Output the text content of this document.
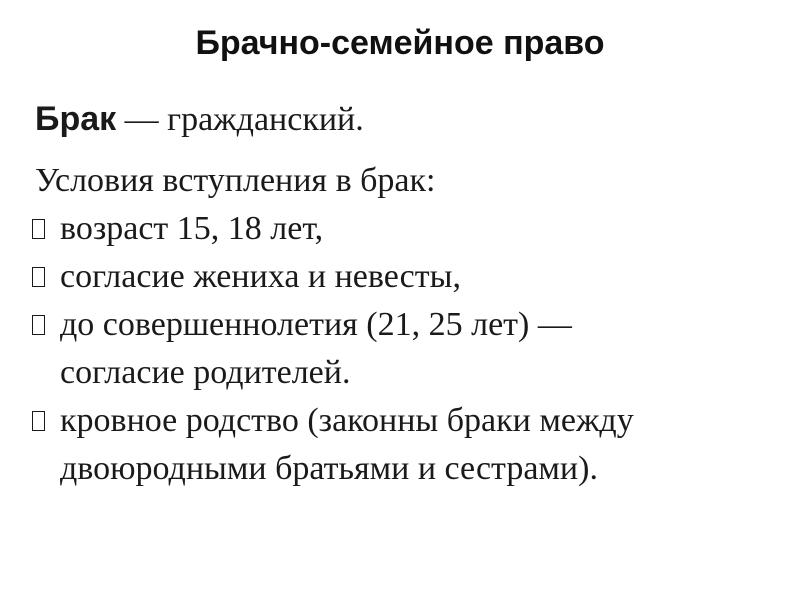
Брачно-семейное право
Брак — гражданский.
Условия вступления в брак:
возраст 15, 18 лет,
согласие жениха и невесты,
до совершеннолетия (21, 25 лет) —
согласие родителей.
кровное родство (законны браки между
двоюродными братьями и сестрами).
